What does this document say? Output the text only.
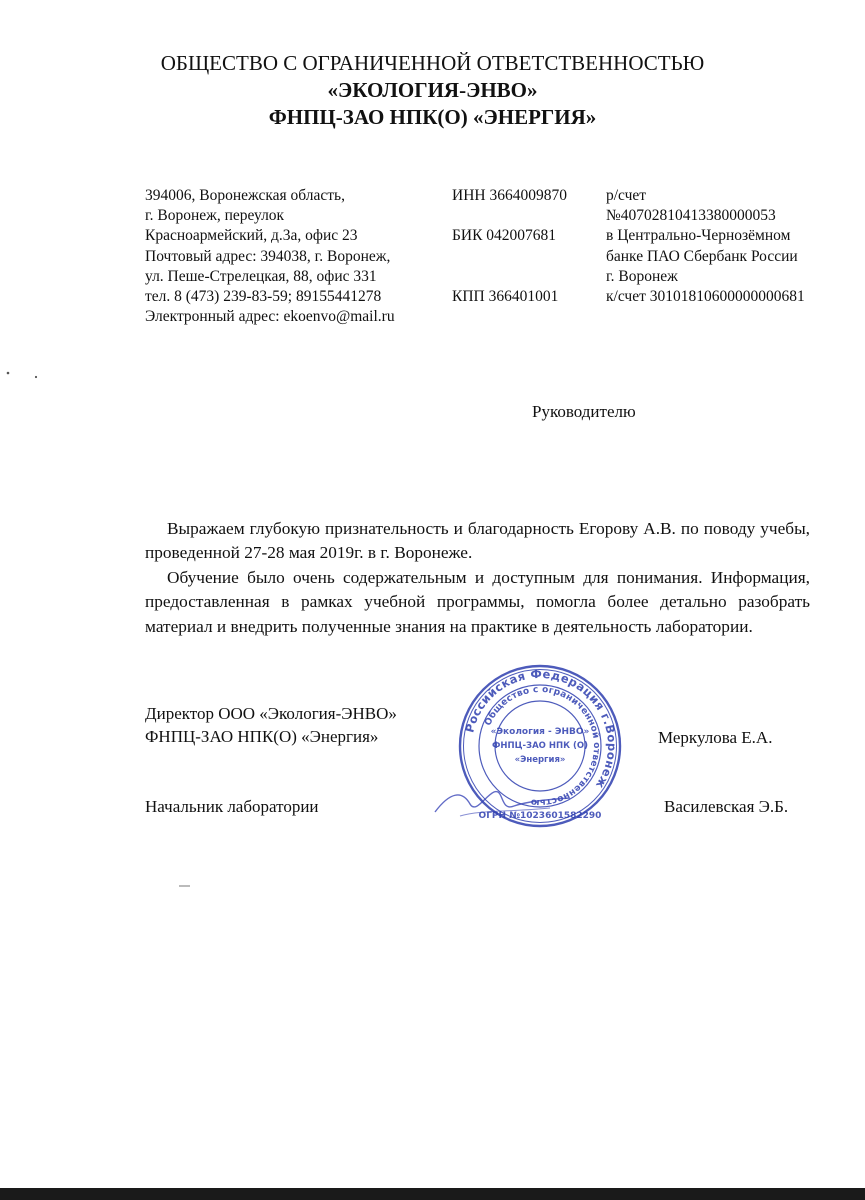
ОБЩЕСТВО С ОГРАНИЧЕННОЙ ОТВЕТСТВЕННОСТЬЮ
«ЭКОЛОГИЯ-ЭНВО»
ФНПЦ-ЗАО НПК(О) «ЭНЕРГИЯ»
394006, Воронежская область,
г. Воронеж, переулок
Красноармейский, д.3а, офис 23
Почтовый адрес: 394038, г. Воронеж,
ул. Пеше-Стрелецкая, 88, офис 331
тел. 8 (473) 239-83-59; 89155441278
Электронный адрес: ekoenvo@mail.ru
ИНН 3664009870
БИК 042007681
КПП 366401001
р/счет
№40702810413380000053
в Центрально-Чернозёмном
банке ПАО Сбербанк России
г. Воронеж
к/счет 30101810600000000681
Руководителю

Выражаем глубокую признательность и благодарность Егорову А.В. по поводу учебы, проведенной 27-28 мая 2019г. в г. Воронеже.

Обучение было очень содержательным и доступным для понимания. Информация, предоставленная в рамках учебной программы, помогла более детально разобрать материал и внедрить полученные знания на практике в деятельность лаборатории.

Директор ООО «Экология-ЭНВО»
ФНПЦ-ЗАО НПК(О) «Энергия»	Меркулова Е.А.
Начальник лаборатории	Василевская Э.Б.
Российская Федерация г.Воронеж
Общество с ограниченной ответственностью
«Экология - ЭНВО»
ФНПЦ-ЗАО НПК (О)
«Энергия»
ОГРН №1023601582290
